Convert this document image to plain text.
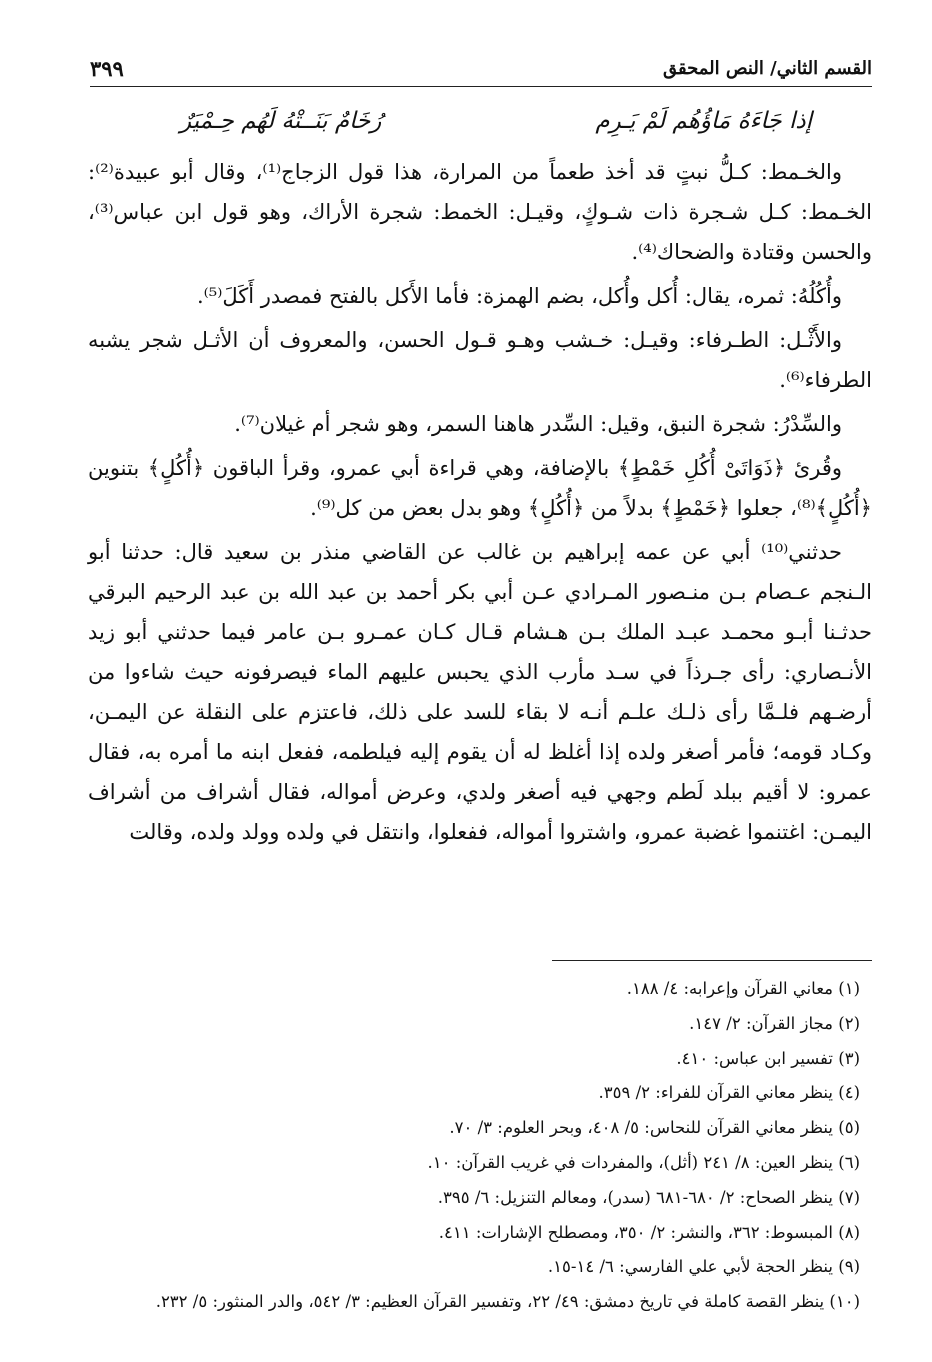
القسم الثاني/ النص المحقق
٣٩٩
إذا جَاءَهُ مَاؤُهُم لَمْ يَـرِم
رُخَامٌ بَنَــتْهُ لَهُم حِـمْيَرٌ

والخـمط: كـلُّ نبتٍ قد أخذ طعماً من المرارة، هذا قول الزجاج⁽¹⁾، وقال أبو عبيدة⁽²⁾: الخـمط: كـل شـجرة ذات شـوكٍ، وقيـل: الخمط: شجرة الأراك، وهو قول ابن عباس⁽³⁾، والحسن وقتادة والضحاك⁽⁴⁾.

وأُكُلُهُ: ثمره، يقال: أُكل وأُكل، بضم الهمزة: فأما الأَكل بالفتح فمصدر أَكَلَ⁽⁵⁾.

والأَثْـل: الطـرفاء: وقيـل: خـشب وهـو قـول الحسن، والمعروف أن الأثـل شجر يشبه الطرفاء⁽⁶⁾.

والسِّدْرُ: شجرة النبق، وقيل: السِّدر هاهنا السمر، وهو شجر أم غيلان⁽⁷⁾.

وقُرئ ﴿ذَوَاتَىْ أُكُلِ خَمْطٍ﴾ بالإضافة، وهي قراءة أبي عمرو، وقرأ الباقون ﴿أُكُلٍ﴾ بتنوين ﴿أُكُلٍ﴾⁽⁸⁾، جعلوا ﴿خَمْطٍ﴾ بدلاً من ﴿أُكُلٍ﴾ وهو بدل بعض من كل⁽⁹⁾.

حدثني⁽¹⁰⁾ أبي عن عمه إبراهيم بن غالب عن القاضي منذر بن سعيد قال: حدثنا أبو الـنجم عـصام بـن منـصور المـرادي عـن أبي بكر أحمد بن عبد الله بن عبد الرحيم البرقي حدثـنا أبـو محمـد عبـد الملك بـن هـشام قـال كـان عمـرو بـن عامر فيما حدثني أبو زيد الأنـصاري: رأى جـرذاً في سـد مأرب الذي يحبس عليهم الماء فيصرفونه حيث شاءوا من أرضـهم فلـمَّا رأى ذلـك علـم أنـه لا بقاء للسد على ذلك، فاعتزم على النقلة عن اليمـن، وكـاد قومه؛ فأمر أصغر ولده إذا أغلظ له أن يقوم إليه فيلطمه، ففعل ابنه ما أمره به، فقال عمرو: لا أقيم ببلد لَطم وجهي فيه أصغر ولدي، وعرض أمواله، فقال أشراف من أشراف اليمـن: اغتنموا غضبة عمرو، واشتروا أمواله، ففعلوا، وانتقل في ولده وولد ولده، وقالت

(١) معاني القرآن وإعرابه: ٤/ ١٨٨.
(٢) مجاز القرآن: ٢/ ١٤٧.
(٣) تفسير ابن عباس: ٤١٠.
(٤) ينظر معاني القرآن للفراء: ٢/ ٣٥٩.
(٥) ينظر معاني القرآن للنحاس: ٥/ ٤٠٨، وبحر العلوم: ٣/ ٧٠.
(٦) ينظر العين: ٨/ ٢٤١ (أثل)، والمفردات في غريب القرآن: ١٠.
(٧) ينظر الصحاح: ٢/ ٦٨٠-٦٨١ (سدر)، ومعالم التنزيل: ٦/ ٣٩٥.
(٨) المبسوط: ٣٦٢، والنشر: ٢/ ٣٥٠، ومصطلح الإشارات: ٤١١.
(٩) ينظر الحجة لأبي علي الفارسي: ٦/ ١٤-١٥.
(١٠) ينظر القصة كاملة في تاريخ دمشق: ٤٩/ ٢٢، وتفسير القرآن العظيم: ٣/ ٥٤٢، والدر المنثور: ٥/ ٢٣٢.
